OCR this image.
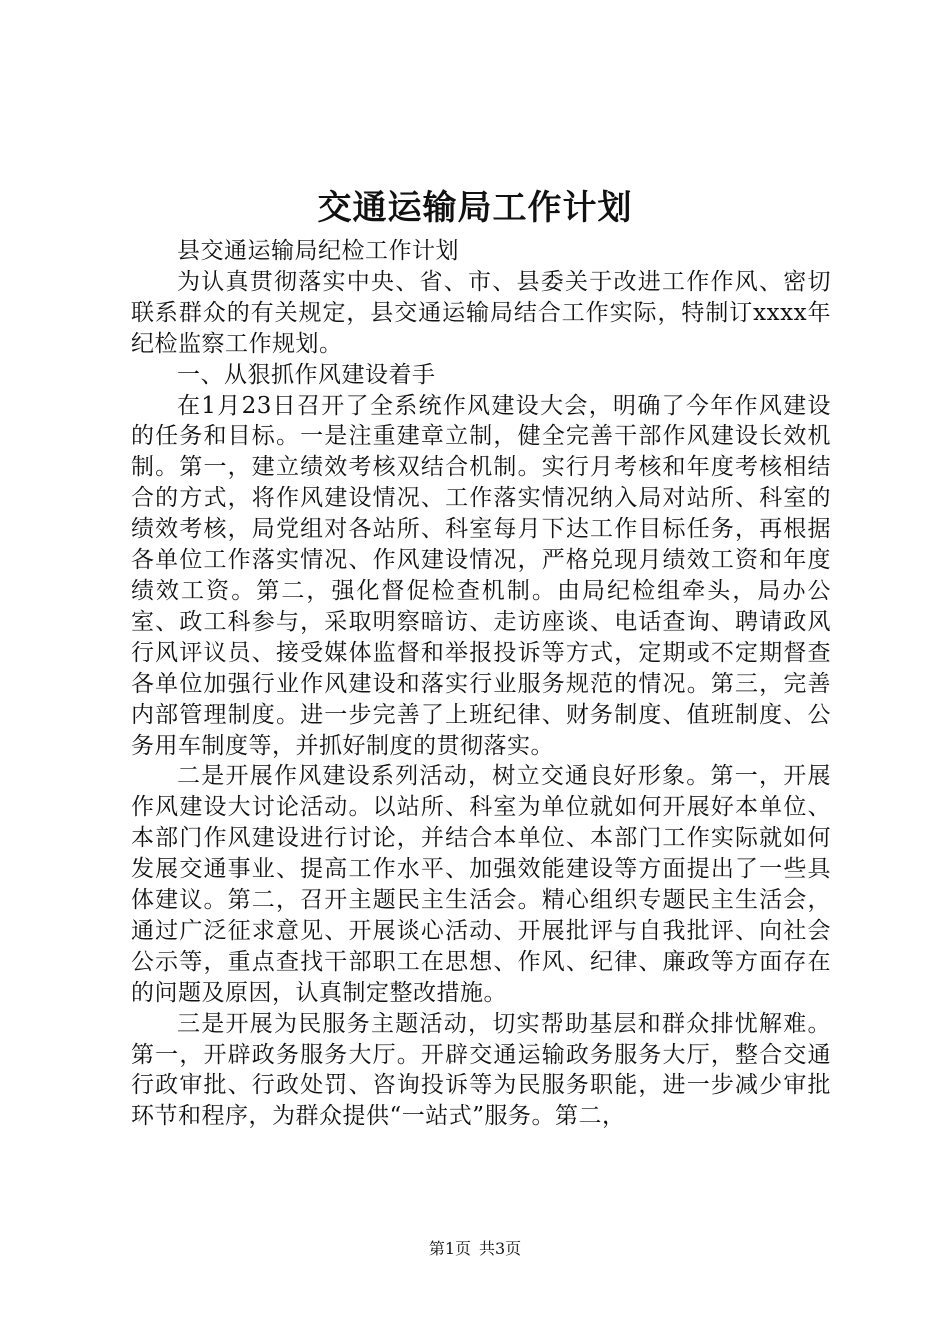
交通运输局工作计划

县交通运输局纪检工作计划

为认真贯彻落实中央、省、市、县委关于改进工作作风、密切联系群众的有关规定，县交通运输局结合工作实际，特制订xxxx年纪检监察工作规划。

一、从狠抓作风建设着手

在1月23日召开了全系统作风建设大会，明确了今年作风建设的任务和目标。一是注重建章立制，健全完善干部作风建设长效机制。第一，建立绩效考核双结合机制。实行月考核和年度考核相结合的方式，将作风建设情况、工作落实情况纳入局对站所、科室的绩效考核，局党组对各站所、科室每月下达工作目标任务，再根据各单位工作落实情况、作风建设情况，严格兑现月绩效工资和年度绩效工资。第二，强化督促检查机制。由局纪检组牵头，局办公室、政工科参与，采取明察暗访、走访座谈、电话查询、聘请政风行风评议员、接受媒体监督和举报投诉等方式，定期或不定期督查各单位加强行业作风建设和落实行业服务规范的情况。第三，完善内部管理制度。进一步完善了上班纪律、财务制度、值班制度、公务用车制度等，并抓好制度的贯彻落实。

二是开展作风建设系列活动，树立交通良好形象。第一，开展作风建设大讨论活动。以站所、科室为单位就如何开展好本单位、本部门作风建设进行讨论，并结合本单位、本部门工作实际就如何发展交通事业、提高工作水平、加强效能建设等方面提出了一些具体建议。第二，召开主题民主生活会。精心组织专题民主生活会，通过广泛征求意见、开展谈心活动、开展批评与自我批评、向社会公示等，重点查找干部职工在思想、作风、纪律、廉政等方面存在的问题及原因，认真制定整改措施。

三是开展为民服务主题活动，切实帮助基层和群众排忧解难。第一，开辟政务服务大厅。开辟交通运输政务服务大厅，整合交通行政审批、行政处罚、咨询投诉等为民服务职能，进一步减少审批环节和程序，为群众提供“一站式”服务。第二，

第1页 共3页
